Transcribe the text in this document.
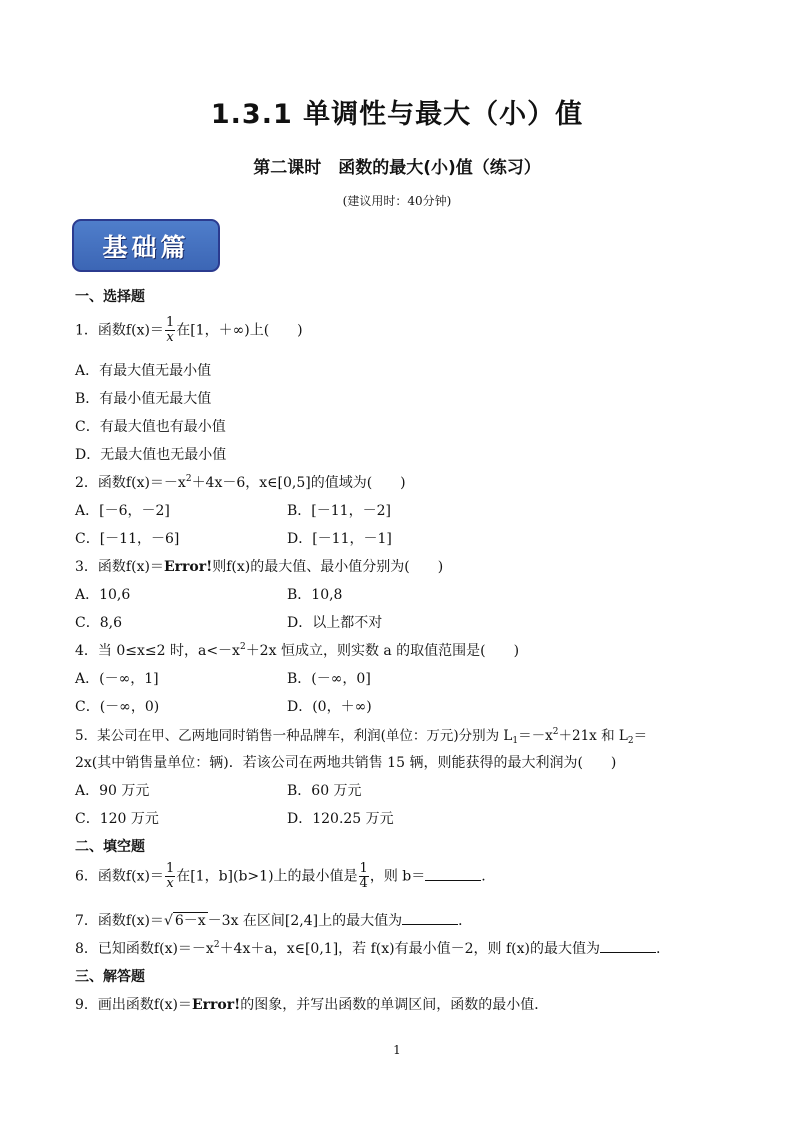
1.3.1 单调性与最大（小）值
第二课时　函数的最大(小)值（练习）
(建议用时：40分钟)
基础篇
一、选择题
1．函数$f(x)= \frac{1}{x}$ 在[1，＋∞)上(　　)
A．有最大值无最小值
B．有最小值无最大值
C．有最大值也有最小值
D．无最大值也无最小值
2．函数$f(x)=-x^2+4x-6$，x∈[0,5]的值域为(　　)
A．[－6，－2]	B．[－11，－2]
C．[－11，－6]	D．[－11，－1]
3．函数f(x)＝Error!则f(x)的最大值、最小值分别为(　　)
A．10,6	B．10,8
C．8,6	D．以上都不对
4．当 0≤x≤2 时，$a<-x^2+2x$ 恒成立，则实数 a 的取值范围是(　　)
A．(－∞，1]	B．(－∞，0]
C．(－∞，0)	D．(0，＋∞)
5．某公司在甲、乙两地同时销售一种品牌车，利润(单位：万元)分别为 $L_1=-x^2+21x$ 和 $L_2=$
2x(其中销售量单位：辆)．若该公司在两地共销售 15 辆，则能获得的最大利润为(　　)
A．90 万元	B．60 万元
C．120 万元	D．120.25 万元
二、填空题
6．函数$f(x)= \frac{1}{x}$ 在[1，b](b>1)上的最小值是 $\frac{1}{4}$ ，则 b＝	.
7．函数f(x)＝√ 6－x －3x 在区间[2,4]上的最大值为	．
8．已知函数$f(x)=-x^2+4x+a$，x∈[0,1]，若 f(x)有最小值－2，则 f(x)的最大值为	.
三、解答题
9．画出函数f(x)＝Error!的图象，并写出函数的单调区间，函数的最小值．
1
